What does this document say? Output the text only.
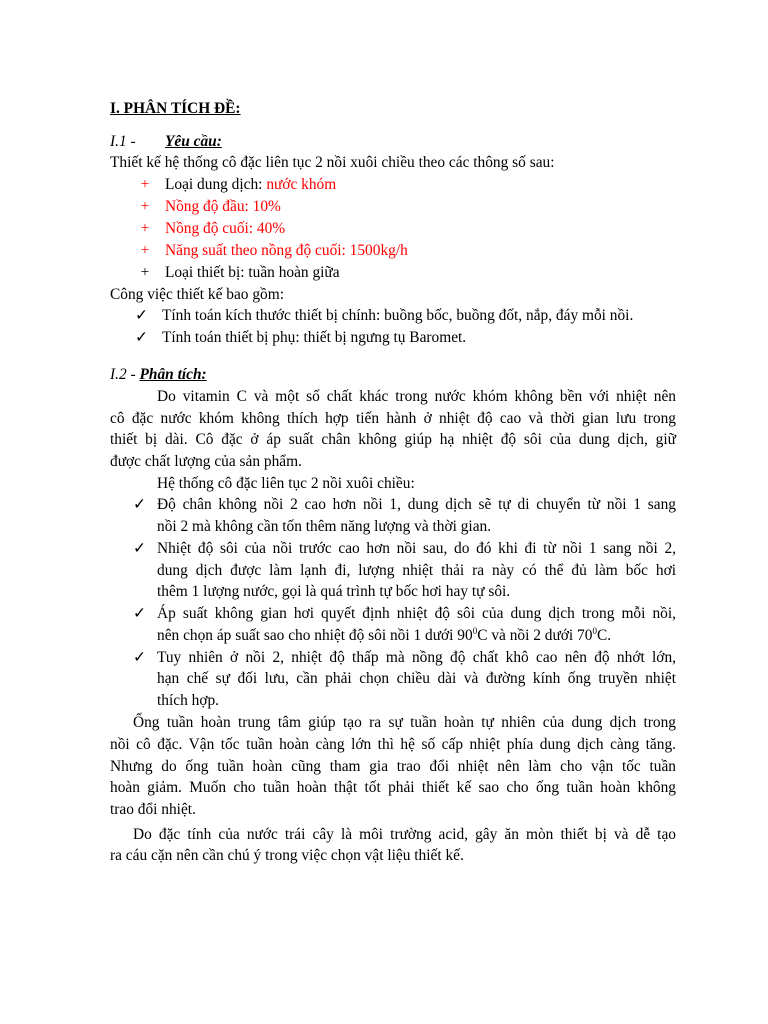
I. PHÂN TÍCH ĐỀ:
I.1 - Yêu cầu:
Thiết kế hệ thống cô đặc liên tục 2 nồi xuôi chiều theo các thông số sau:
+ Loại dung dịch: nước khóm
+ Nồng độ đầu: 10%
+ Nồng độ cuối: 40%
+ Năng suất theo nồng độ cuối: 1500kg/h
+ Loại thiết bị: tuần hoàn giữa
Công việc thiết kế bao gồm:
✓ Tính toán kích thước thiết bị chính: buồng bốc, buồng đốt, nắp, đáy mỗi nồi.
✓ Tính toán thiết bị phụ: thiết bị ngưng tụ Baromet.
I.2 - Phân tích:
Do vitamin C và một số chất khác trong nước khóm không bền với nhiệt nên
cô đặc nước khóm không thích hợp tiến hành ở nhiệt độ cao và thời gian lưu trong
thiết bị dài. Cô đặc ở áp suất chân không giúp hạ nhiệt độ sôi của dung dịch, giữ
được chất lượng của sản phẩm.
Hệ thống cô đặc liên tục 2 nồi xuôi chiều:
✓ Độ chân không nồi 2 cao hơn nồi 1, dung dịch sẽ tự di chuyển từ nồi 1 sang
nồi 2 mà không cần tốn thêm năng lượng và thời gian.
✓ Nhiệt độ sôi của nồi trước cao hơn nồi sau, do đó khi đi từ nồi 1 sang nồi 2,
dung dịch được làm lạnh đi, lượng nhiệt thải ra này có thể đủ làm bốc hơi
thêm 1 lượng nước, gọi là quá trình tự bốc hơi hay tự sôi.
✓ Áp suất không gian hơi quyết định nhiệt độ sôi của dung dịch trong mỗi nồi,
nên chọn áp suất sao cho nhiệt độ sôi nồi 1 dưới $90^0C$ và nồi 2 dưới $70^0C$.
✓ Tuy nhiên ở nồi 2, nhiệt độ thấp mà nồng độ chất khô cao nên độ nhớt lớn,
hạn chế sự đối lưu, cần phải chọn chiều dài và đường kính ống truyền nhiệt
thích hợp.
Ống tuần hoàn trung tâm giúp tạo ra sự tuần hoàn tự nhiên của dung dịch trong
nồi cô đặc. Vận tốc tuần hoàn càng lớn thì hệ số cấp nhiệt phía dung dịch càng tăng.
Nhưng do ống tuần hoàn cũng tham gia trao đổi nhiệt nên làm cho vận tốc tuần
hoàn giảm. Muốn cho tuần hoàn thật tốt phải thiết kế sao cho ống tuần hoàn không
trao đổi nhiệt.
Do đặc tính của nước trái cây là môi trường acid, gây ăn mòn thiết bị và dễ tạo
ra cáu cặn nên cần chú ý trong việc chọn vật liệu thiết kế.
